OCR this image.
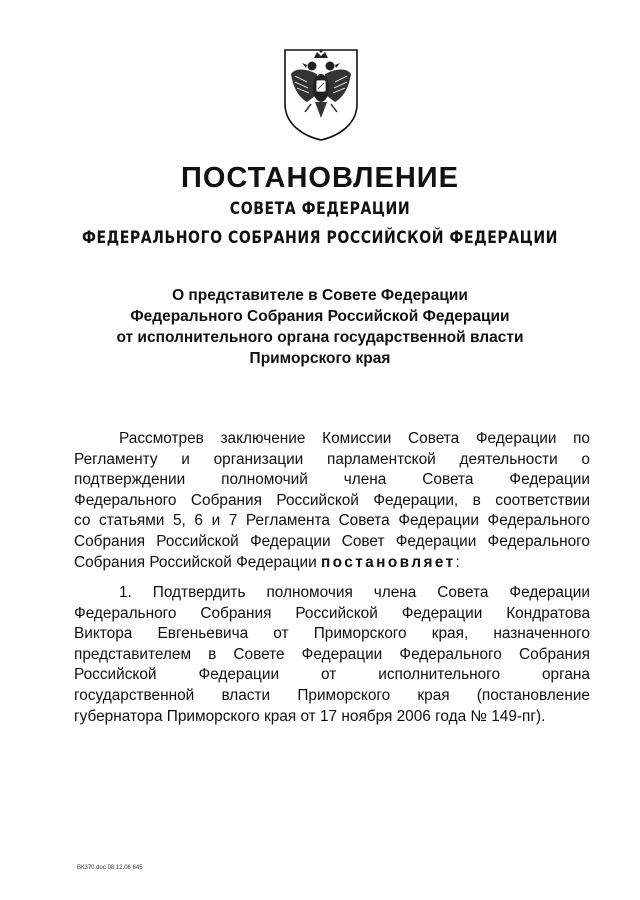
ПОСТАНОВЛЕНИЕ
СОВЕТА ФЕДЕРАЦИИ
ФЕДЕРАЛЬНОГО СОБРАНИЯ РОССИЙСКОЙ ФЕДЕРАЦИИ
О представителе в Совете Федерации
Федерального Собрания Российской Федерации
от исполнительного органа государственной власти
Приморского края
Рассмотрев заключение Комиссии Совета Федерации по
Регламенту и организации парламентской деятельности о
подтверждении полномочий члена Совета Федерации
Федерального Собрания Российской Федерации, в соответствии
со статьями 5, 6 и 7 Регламента Совета Федерации Федерального
Собрания Российской Федерации Совет Федерации Федерального
Собрания Российской Федерации постановляет:
1. Подтвердить полномочия члена Совета Федерации
Федерального Собрания Российской Федерации Кондратова
Виктора Евгеньевича от Приморского края, назначенного
представителем в Совете Федерации Федерального Собрания
Российской Федерации от исполнительного органа
государственной власти Приморского края (постановление
губернатора Приморского края от 17 ноября 2006 года № 149-пг).
ВК370.doc 08.12.06 645
